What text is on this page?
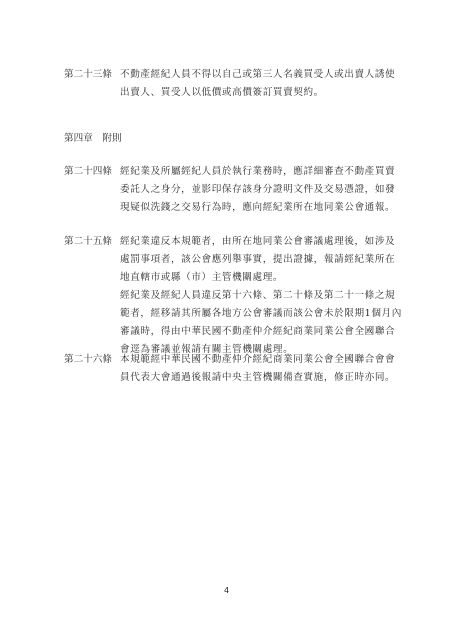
第二十三條 不動產經紀人員不得以自己或第三人名義買受人或出賣人誘使出賣人、買受人以低價或高價簽訂買賣契約。

第四章　附則
第二十四條 經紀業及所屬經紀人員於執行業務時，應詳細審查不動產買賣委託人之身分，並影印保存該身分證明文件及交易憑證，如發現疑似洗錢之交易行為時，應向經紀業所在地同業公會通報。

第二十五條 經紀業違反本規範者，由所在地同業公會審議處理後，如涉及處罰事項者，該公會應列舉事實，提出證據，報請經紀業所在地直轄市或縣（市）主管機關處理。

經紀業及經紀人員違反第十六條、第二十條及第二十一條之規範者，經移請其所屬各地方公會審議而該公會未於限期1個月內審議時，得由中華民國不動產仲介經紀商業同業公會全國聯合會逕為審議並報請有關主管機關處理。

第二十六條 本規範經中華民國不動產仲介經紀商業同業公會全國聯合會會員代表大會通過後報請中央主管機關備查實施，修正時亦同。

4
